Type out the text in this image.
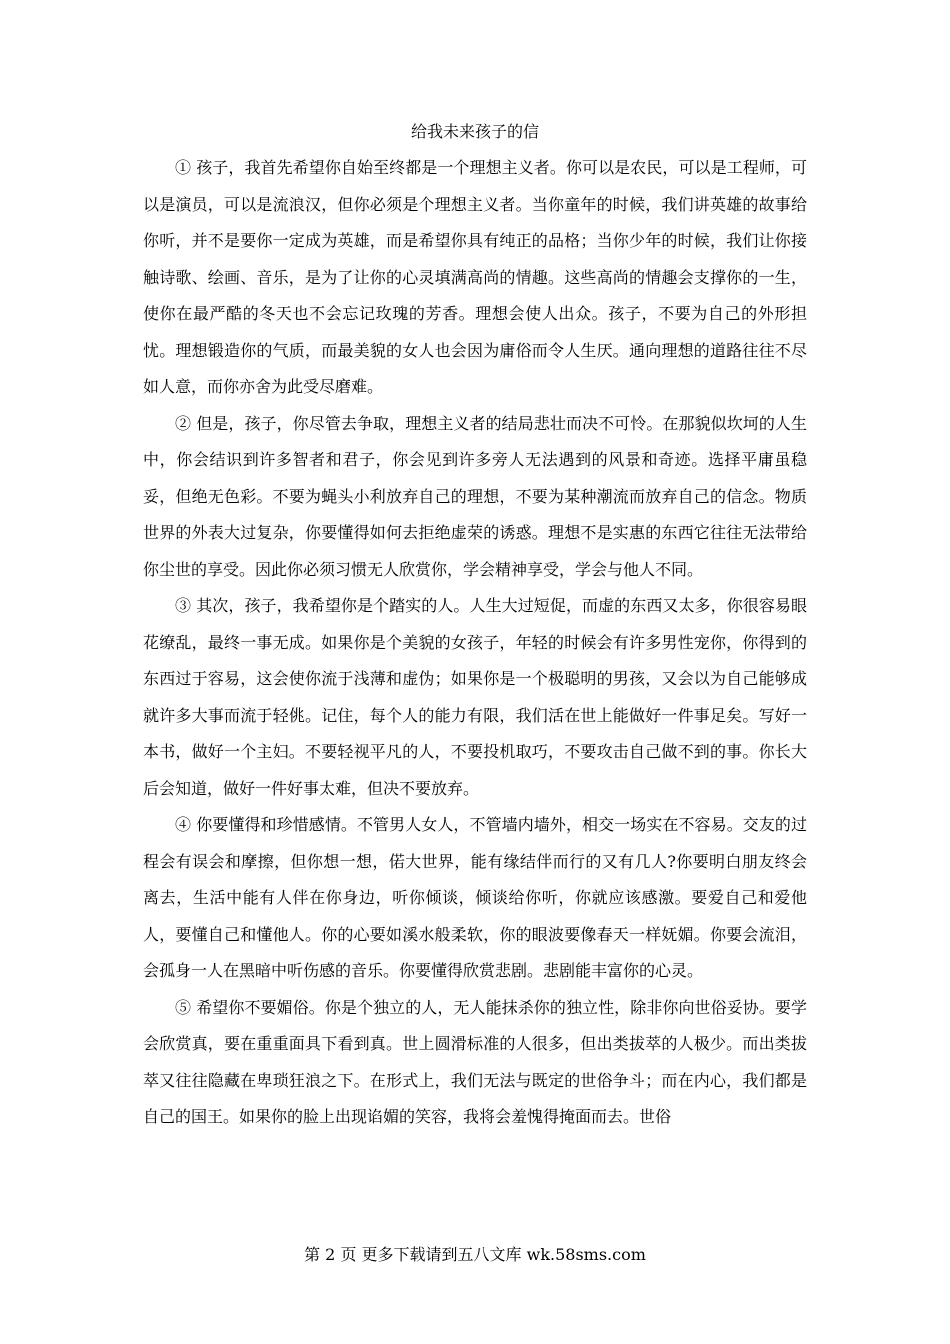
给我未来孩子的信

① 孩子，我首先希望你自始至终都是一个理想主义者。你可以是农民，可以是工程师，可以是演员，可以是流浪汉，但你必须是个理想主义者。当你童年的时候，我们讲英雄的故事给你听，并不是要你一定成为英雄，而是希望你具有纯正的品格；当你少年的时候，我们让你接触诗歌、绘画、音乐，是为了让你的心灵填满高尚的情趣。这些高尚的情趣会支撑你的一生，使你在最严酷的冬天也不会忘记玫瑰的芳香。理想会使人出众。孩子，不要为自己的外形担忧。理想锻造你的气质，而最美貌的女人也会因为庸俗而令人生厌。通向理想的道路往往不尽如人意，而你亦舍为此受尽磨难。

② 但是，孩子，你尽管去争取，理想主义者的结局悲壮而决不可怜。在那貌似坎坷的人生中，你会结识到许多智者和君子，你会见到许多旁人无法遇到的风景和奇迹。选择平庸虽稳妥，但绝无色彩。不要为蝇头小利放弃自己的理想，不要为某种潮流而放弃自己的信念。物质世界的外表大过复杂，你要懂得如何去拒绝虚荣的诱惑。理想不是实惠的东西它往往无法带给你尘世的享受。因此你必须习惯无人欣赏你，学会精神享受，学会与他人不同。

③ 其次，孩子，我希望你是个踏实的人。人生大过短促，而虚的东西又太多，你很容易眼花缭乱，最终一事无成。如果你是个美貌的女孩子，年轻的时候会有许多男性宠你，你得到的东西过于容易，这会使你流于浅薄和虚伪；如果你是一个极聪明的男孩，又会以为自己能够成就许多大事而流于轻佻。记住，每个人的能力有限，我们活在世上能做好一件事足矣。写好一本书，做好一个主妇。不要轻视平凡的人，不要投机取巧，不要攻击自己做不到的事。你长大后会知道，做好一件好事太难，但决不要放弃。

④ 你要懂得和珍惜感情。不管男人女人，不管墙内墙外，相交一场实在不容易。交友的过程会有误会和摩擦，但你想一想，偌大世界，能有缘结伴而行的又有几人?你要明白朋友终会离去，生活中能有人伴在你身边，听你倾谈，倾谈给你听，你就应该感激。要爱自己和爱他人，要懂自己和懂他人。你的心要如溪水般柔软，你的眼波要像春天一样妩媚。你要会流泪，会孤身一人在黑暗中听伤感的音乐。你要懂得欣赏悲剧。悲剧能丰富你的心灵。

⑤ 希望你不要媚俗。你是个独立的人，无人能抹杀你的独立性，除非你向世俗妥协。要学会欣赏真，要在重重面具下看到真。世上圆滑标准的人很多，但出类拔萃的人极少。而出类拔萃又往往隐藏在卑琐狂浪之下。在形式上，我们无法与既定的世俗争斗；而在内心，我们都是自己的国王。如果你的脸上出现谄媚的笑容，我将会羞愧得掩面而去。世俗

第 2 页 更多下载请到五八文库 wk.58sms.com
